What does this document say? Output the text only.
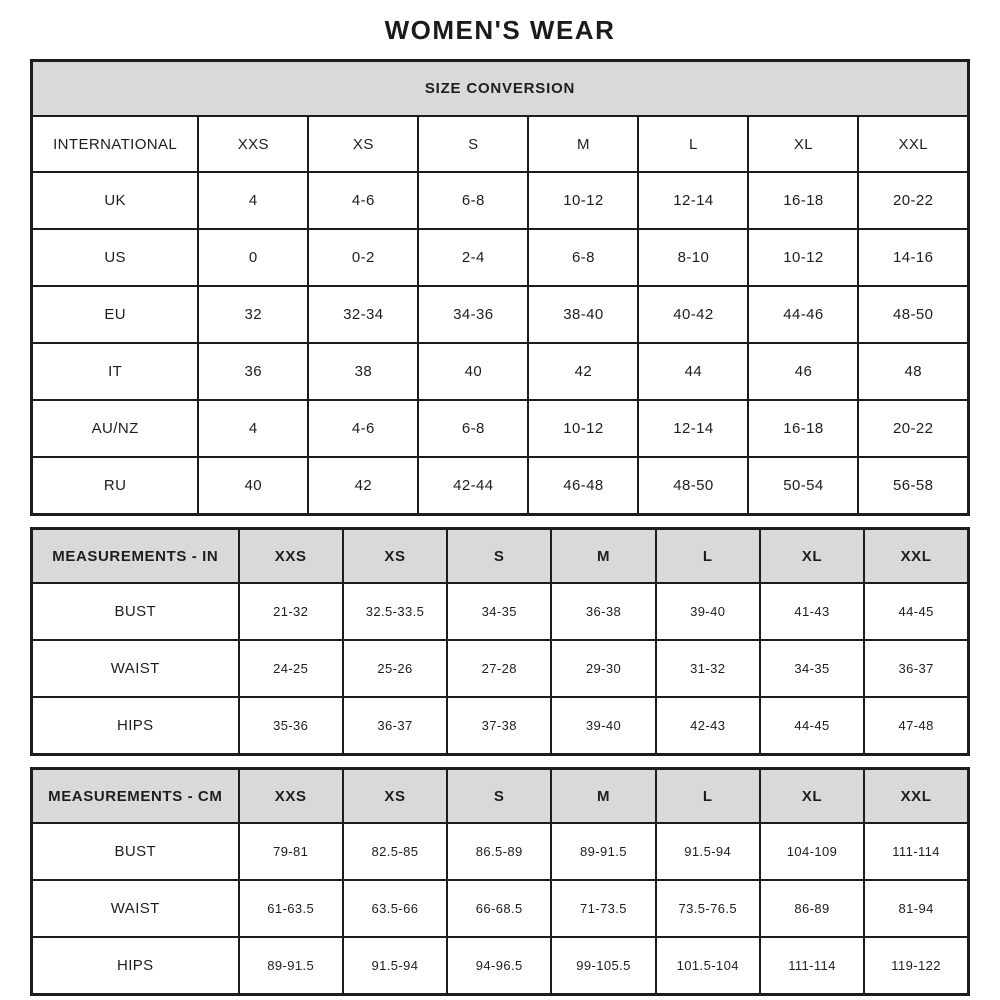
WOMEN'S WEAR
SIZE CONVERSION							
INTERNATIONAL	XXS	XS	S	M	L	XL	XXL
UK	4	4-6	6-8	10-12	12-14	16-18	20-22
US	0	0-2	2-4	6-8	8-10	10-12	14-16
EU	32	32-34	34-36	38-40	40-42	44-46	48-50
IT	36	38	40	42	44	46	48
AU/NZ	4	4-6	6-8	10-12	12-14	16-18	20-22
RU	40	42	42-44	46-48	48-50	50-54	56-58
MEASUREMENTS - IN	XXS	XS	S	M	L	XL	XXL
BUST	21-32	32.5-33.5	34-35	36-38	39-40	41-43	44-45
WAIST	24-25	25-26	27-28	29-30	31-32	34-35	36-37
HIPS	35-36	36-37	37-38	39-40	42-43	44-45	47-48
MEASUREMENTS - CM	XXS	XS	S	M	L	XL	XXL
BUST	79-81	82.5-85	86.5-89	89-91.5	91.5-94	104-109	111-114
WAIST	61-63.5	63.5-66	66-68.5	71-73.5	73.5-76.5	86-89	81-94
HIPS	89-91.5	91.5-94	94-96.5	99-105.5	101.5-104	111-114	119-122
